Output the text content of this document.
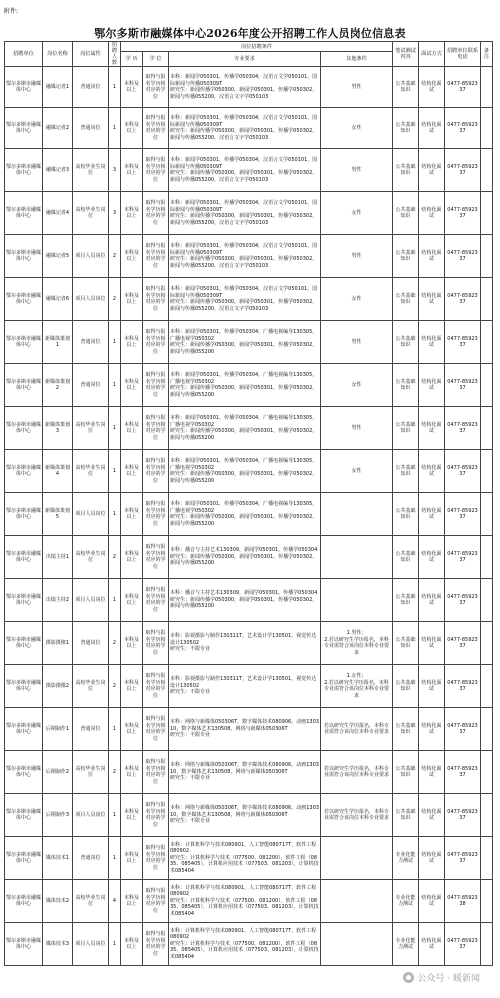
附件:
鄂尔多斯市融媒体中心2026年度公开招聘工作人员岗位信息表
招聘单位	岗位名称	岗位属性	招聘人数	岗位招聘条件				笔试测试内容	面试方式	招聘单位联系电话	备注
				学 历	学 位	专业要求	其他条件				
鄂尔多斯市融媒体中心	融媒记者1	普通岗位	1	本科及以上	取得与报名学历相对应的学位	本科：新闻学050301，传播学050304，汉语言文学050101，国际新闻与传播050309T
研究生：新闻传播学050300，新闻学050301，传播学050302，新闻与传播055200，汉语言文字学050103	男性	公共基础知识	结构化面试	0477-8592337	
鄂尔多斯市融媒体中心	融媒记者2	普通岗位	1	本科及以上	取得与报名学历相对应的学位	本科：新闻学050301，传播学050304，汉语言文学050101，国际新闻与传播050309T
研究生：新闻传播学050300，新闻学050301，传播学050302，新闻与传播055200，汉语言文字学050103	女性	公共基础知识	结构化面试	0477-8592337	
鄂尔多斯市融媒体中心	融媒记者3	高校毕业生岗位	3	本科及以上	取得与报名学历相对应的学位	本科：新闻学050301，传播学050304，汉语言文学050101，国际新闻与传播050309T
研究生：新闻传播学050300，新闻学050301，传播学050302，新闻与传播055200，汉语言文字学050103	男性	公共基础知识	结构化面试	0477-8592337	
鄂尔多斯市融媒体中心	融媒记者4	高校毕业生岗位	3	本科及以上	取得与报名学历相对应的学位	本科：新闻学050301，传播学050304，汉语言文学050101，国际新闻与传播050309T
研究生：新闻传播学050300，新闻学050301，传播学050302，新闻与传播055200，汉语言文字学050103	女性	公共基础知识	结构化面试	0477-8592337	
鄂尔多斯市融媒体中心	融媒记者5	项目人员岗位	2	本科及以上	取得与报名学历相对应的学位	本科：新闻学050301，传播学050304，汉语言文学050101，国际新闻与传播050309T
研究生：新闻传播学050300，新闻学050301，传播学050302，新闻与传播055200，汉语言文字学050103	男性	公共基础知识	结构化面试	0477-8592337	
鄂尔多斯市融媒体中心	融媒记者6	项目人员岗位	2	本科及以上	取得与报名学历相对应的学位	本科：新闻学050301，传播学050304，汉语言文学050101，国际新闻与传播050309T
研究生：新闻传播学050300，新闻学050301，传播学050302，新闻与传播055200，汉语言文字学050103	女性	公共基础知识	结构化面试	0477-8592337	
鄂尔多斯市融媒体中心	新媒体策划1	普通岗位	1	本科及以上	取得与报名学历相对应的学位	本科：新闻学050301，传播学050304，广播电视编导130305，广播电视学050302
研究生：新闻传播学050300，新闻学050301，传播学050302，新闻与传播055200	男性	公共基础知识	结构化面试	0477-8592337	
鄂尔多斯市融媒体中心	新媒体策划2	普通岗位	1	本科及以上	取得与报名学历相对应的学位	本科：新闻学050301，传播学050304，广播电视编导130305，广播电视学050302
研究生：新闻传播学050300，新闻学050301，传播学050302，新闻与传播055200	女性	公共基础知识	结构化面试	0477-8592337	
鄂尔多斯市融媒体中心	新媒体策划3	高校毕业生岗位	1	本科及以上	取得与报名学历相对应的学位	本科：新闻学050301，传播学050304，广播电视编导130305，广播电视学050302
研究生：新闻传播学050300，新闻学050301，传播学050302，新闻与传播055200	男性	公共基础知识	结构化面试	0477-8592337	
鄂尔多斯市融媒体中心	新媒体策划4	高校毕业生岗位	1	本科及以上	取得与报名学历相对应的学位	本科：新闻学050301，传播学050304，广播电视编导130305，广播电视学050302
研究生：新闻传播学050300，新闻学050301，传播学050302，新闻与传播055200	女性	公共基础知识	结构化面试	0477-8592337	
鄂尔多斯市融媒体中心	新媒体策划5	项目人员岗位	1	本科及以上	取得与报名学历相对应的学位	本科：新闻学050301，传播学050304，广播电视编导130305，广播电视学050302
研究生：新闻传播学050300，新闻学050301，传播学050302，新闻与传播055200		公共基础知识	结构化面试	0477-8592337	
鄂尔多斯市融媒体中心	出镜主持1	高校毕业生岗位	2	本科及以上	取得与报名学历相对应的学位	本科：播音与主持艺术130309，新闻学050301，传播学050304
研究生：新闻传播学050300，新闻学050301，传播学050302，新闻与传播055200		公共基础知识	结构化面试	0477-8592337	
鄂尔多斯市融媒体中心	出镜主持2	项目人员岗位	1	本科及以上	取得与报名学历相对应的学位	本科：播音与主持艺术130309，新闻学050301，传播学050304
研究生：新闻传播学050300，新闻学050301，传播学050302，新闻与传播055200		公共基础知识	结构化面试	0477-8592337	
鄂尔多斯市融媒体中心	摄影摄像1	普通岗位	2	本科及以上	取得与报名学历相对应的学位	本科：影视摄影与制作130311T，艺术设计学130501，视觉传达设计130502
研究生：不限专业	1.男性；
2.若以研究生学历报名，本科专业需符合该岗位本科专业要求	公共基础知识	结构化面试	0477-8592337	
鄂尔多斯市融媒体中心	摄影摄像2	高校毕业生岗位	2	本科及以上	取得与报名学历相对应的学位	本科：影视摄影与制作130311T，艺术设计学130501，视觉传达设计130502
研究生：不限专业	1.女性；
2.若以研究生学历报名，本科专业需符合该岗位本科专业要求	公共基础知识	结构化面试	0477-8592337	
鄂尔多斯市融媒体中心	后期制作1	普通岗位	1	本科及以上	取得与报名学历相对应的学位	本科：网络与新媒体050306T，数字媒体技术080906，动画130310，数字媒体艺术130508，网络与新媒体050306T
研究生：不限专业	若以研究生学历报名，本科专业需符合该岗位本科专业要求	公共基础知识	结构化面试	0477-8592337	
鄂尔多斯市融媒体中心	后期制作2	高校毕业生岗位	2	本科及以上	取得与报名学历相对应的学位	本科：网络与新媒体050306T，数字媒体技术080906，动画130310，数字媒体艺术130508，网络与新媒体050306T
研究生：不限专业	若以研究生学历报名，本科专业需符合该岗位本科专业要求	公共基础知识	结构化面试	0477-8592337	
鄂尔多斯市融媒体中心	后期制作3	项目人员岗位	1	本科及以上	取得与报名学历相对应的学位	本科：网络与新媒体050306T，数字媒体技术080906，动画130310，数字媒体艺术130508，网络与新媒体050306T
研究生：不限专业	若以研究生学历报名，本科专业需符合该岗位本科专业要求	公共基础知识	结构化面试	0477-8592337	
鄂尔多斯市融媒体中心	媒体技术1	普通岗位	1	本科及以上	取得与报名学历相对应的学位	本科：计算机科学与技术080901，人工智能080717T，软件工程080902
研究生：计算机科学与技术（077500、081200），软件工程（0835、085405），计算机应用技术（077503、081203），计算机技术085404		专业化能力测试	结构化面试	0477-8592337	
鄂尔多斯市融媒体中心	媒体技术2	高校毕业生岗位	4	本科及以上	取得与报名学历相对应的学位	本科：计算机科学与技术080901，人工智能080717T，软件工程080902
研究生：计算机科学与技术（077500、081200），软件工程（0835、085405），计算机应用技术（077503、081203），计算机技术085404		专业化能力测试	结构化面试	0477-8592338	
鄂尔多斯市融媒体中心	媒体技术3	项目人员岗位	1	本科及以上	取得与报名学历相对应的学位	本科：计算机科学与技术080901，人工智能080717T，软件工程080902
研究生：计算机科学与技术（077500、081200），软件工程（0835、085405），计算机应用技术（077503、081203），计算机技术085404		专业化能力测试	结构化面试	0477-8592337	
公众号 · 暖新闻
